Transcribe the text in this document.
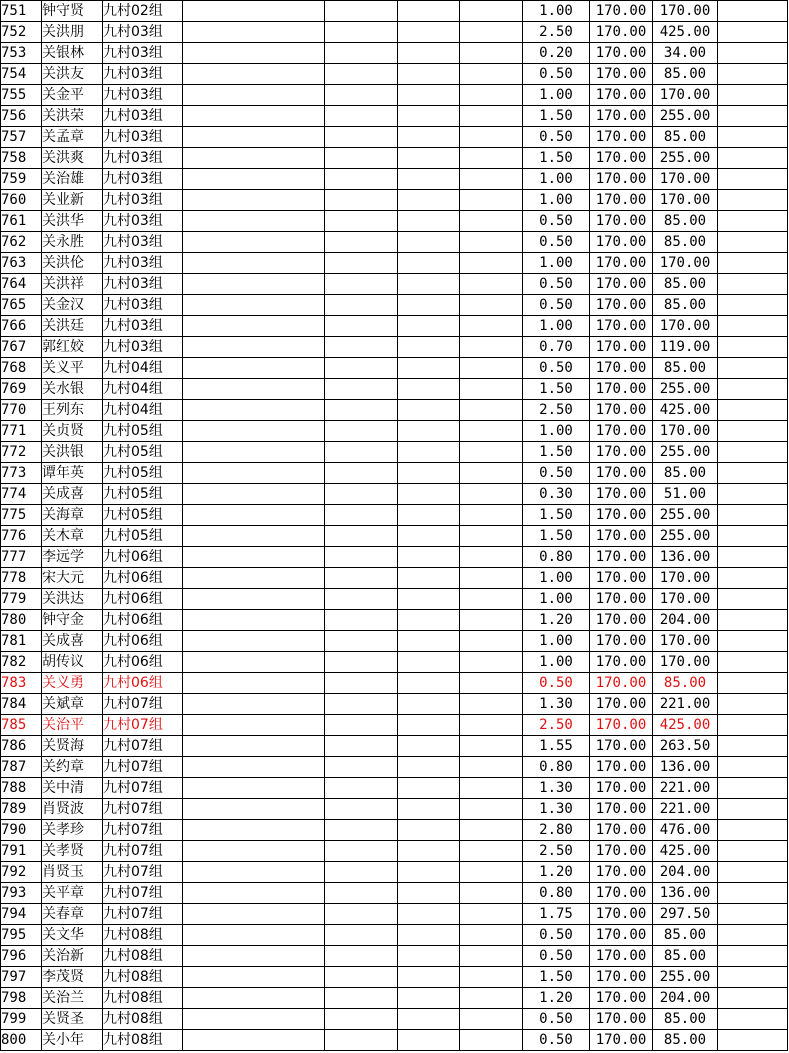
751	钟守贤	九村02组					1.00	170.00	170.00	
752	关洪朋	九村03组					2.50	170.00	425.00	
753	关银林	九村03组					0.20	170.00	34.00	
754	关洪友	九村03组					0.50	170.00	85.00	
755	关金平	九村03组					1.00	170.00	170.00	
756	关洪荣	九村03组					1.50	170.00	255.00	
757	关孟章	九村03组					0.50	170.00	85.00	
758	关洪爽	九村03组					1.50	170.00	255.00	
759	关治雄	九村03组					1.00	170.00	170.00	
760	关业新	九村03组					1.00	170.00	170.00	
761	关洪华	九村03组					0.50	170.00	85.00	
762	关永胜	九村03组					0.50	170.00	85.00	
763	关洪伦	九村03组					1.00	170.00	170.00	
764	关洪祥	九村03组					0.50	170.00	85.00	
765	关金汉	九村03组					0.50	170.00	85.00	
766	关洪廷	九村03组					1.00	170.00	170.00	
767	郭红姣	九村03组					0.70	170.00	119.00	
768	关义平	九村04组					0.50	170.00	85.00	
769	关水银	九村04组					1.50	170.00	255.00	
770	王列东	九村04组					2.50	170.00	425.00	
771	关贞贤	九村05组					1.00	170.00	170.00	
772	关洪银	九村05组					1.50	170.00	255.00	
773	谭年英	九村05组					0.50	170.00	85.00	
774	关成喜	九村05组					0.30	170.00	51.00	
775	关海章	九村05组					1.50	170.00	255.00	
776	关木章	九村05组					1.50	170.00	255.00	
777	李远学	九村06组					0.80	170.00	136.00	
778	宋大元	九村06组					1.00	170.00	170.00	
779	关洪达	九村06组					1.00	170.00	170.00	
780	钟守金	九村06组					1.20	170.00	204.00	
781	关成喜	九村06组					1.00	170.00	170.00	
782	胡传议	九村06组					1.00	170.00	170.00	
783	关义勇	九村06组					0.50	170.00	85.00	
784	关斌章	九村07组					1.30	170.00	221.00	
785	关治平	九村07组					2.50	170.00	425.00	
786	关贤海	九村07组					1.55	170.00	263.50	
787	关约章	九村07组					0.80	170.00	136.00	
788	关中清	九村07组					1.30	170.00	221.00	
789	肖贤波	九村07组					1.30	170.00	221.00	
790	关孝珍	九村07组					2.80	170.00	476.00	
791	关孝贤	九村07组					2.50	170.00	425.00	
792	肖贤玉	九村07组					1.20	170.00	204.00	
793	关平章	九村07组					0.80	170.00	136.00	
794	关春章	九村07组					1.75	170.00	297.50	
795	关文华	九村08组					0.50	170.00	85.00	
796	关治新	九村08组					0.50	170.00	85.00	
797	李茂贤	九村08组					1.50	170.00	255.00	
798	关治兰	九村08组					1.20	170.00	204.00	
799	关贤圣	九村08组					0.50	170.00	85.00	
800	关小年	九村08组					0.50	170.00	85.00	
